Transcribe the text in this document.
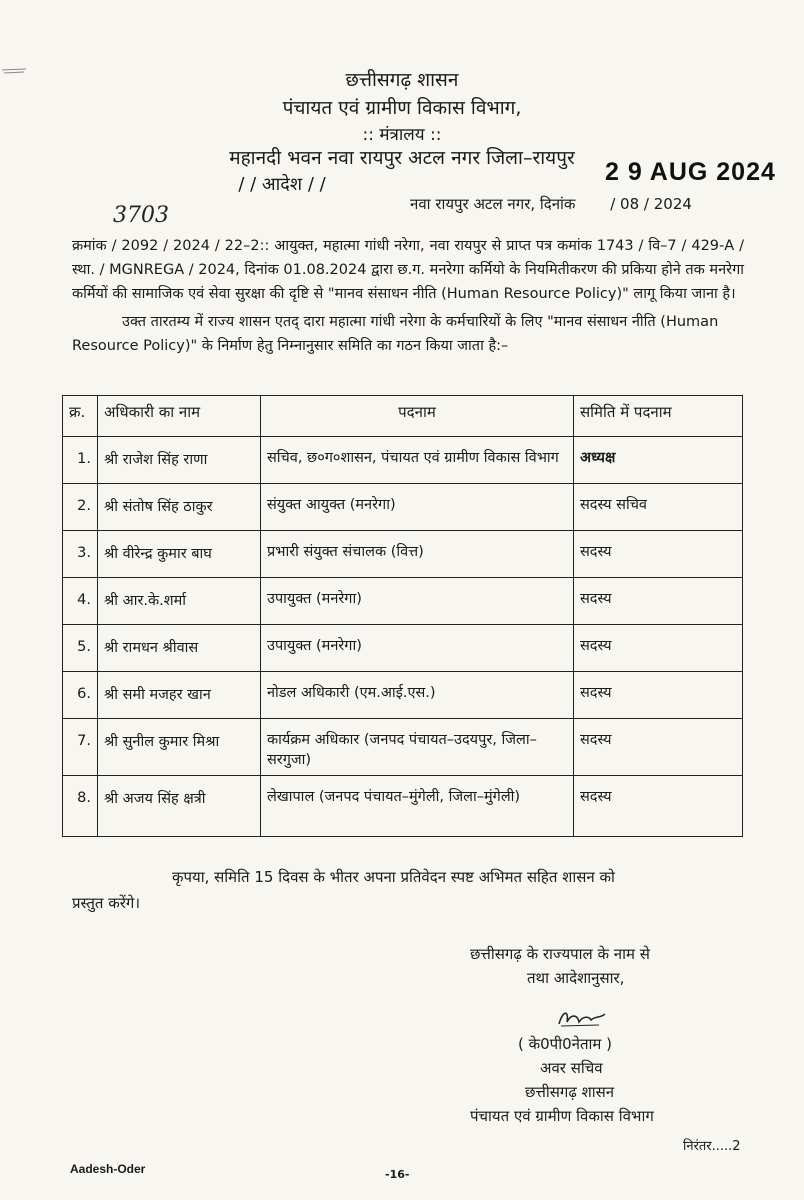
छत्तीसगढ़ शासन
पंचायत एवं ग्रामीण विकास विभाग,
:: मंत्रालय ::
महानदी भवन नवा रायपुर अटल नगर जिला–रायपुर
/ / आदेश / /	2 9 AUG 2024
3703	नवा रायपुर अटल नगर, दिनांक / 08 / 2024
क्रमांक / 2092 / 2024 / 22–2:: आयुक्त, महात्मा गांधी नरेगा, नवा रायपुर से प्राप्त पत्र कमांक 1743 / वि–7 / 429-A / स्था. / MGNREGA / 2024, दिनांक 01.08.2024 द्वारा छ.ग. मनरेगा कर्मियो के नियमितीकरण की प्रकिया होने तक मनरेगा कर्मियों की सामाजिक एवं सेवा सुरक्षा की दृष्टि से "मानव संसाधन नीति (Human Resource Policy)" लागू किया जाना है।
उक्त तारतम्य में राज्य शासन एतद् दारा महात्मा गांधी नरेगा के कर्मचारियों के लिए "मानव संसाधन नीति (Human Resource Policy)" के निर्माण हेतु निम्नानुसार समिति का गठन किया जाता है:–
क्र.	अधिकारी का नाम	पदनाम	समिति में पदनाम
1.	श्री राजेश सिंह राणा	सचिव, छ०ग०शासन, पंचायत एवं ग्रामीण विकास विभाग	अध्यक्ष
2.	श्री संतोष सिंह ठाकुर	संयुक्त आयुक्त (मनरेगा)	सदस्य सचिव
3.	श्री वीरेन्द्र कुमार बाघ	प्रभारी संयुक्त संचालक (वित्त)	सदस्य
4.	श्री आर.के.शर्मा	उपायुक्त (मनरेगा)	सदस्य
5.	श्री रामधन श्रीवास	उपायुक्त (मनरेगा)	सदस्य
6.	श्री समी मजहर खान	नोडल अधिकारी (एम.आई.एस.)	सदस्य
7.	श्री सुनील कुमार मिश्रा	कार्यक्रम अधिकार (जनपद पंचायत–उदयपुर, जिला–सरगुजा)	सदस्य
8.	श्री अजय सिंह क्षत्री	लेखापाल (जनपद पंचायत–मुंगेली, जिला–मुंगेली)	सदस्य
कृपया, समिति 15 दिवस के भीतर अपना प्रतिवेदन स्पष्ट अभिमत सहित शासन को
प्रस्तुत करेंगे।
छत्तीसगढ़ के राज्यपाल के नाम से
तथा आदेशानुसार,
( के0पी0नेताम )
अवर सचिव
छत्तीसगढ़ शासन
पंचायत एवं ग्रामीण विकास विभाग
निरंतर.....2
Aadesh-Oder	-16-
